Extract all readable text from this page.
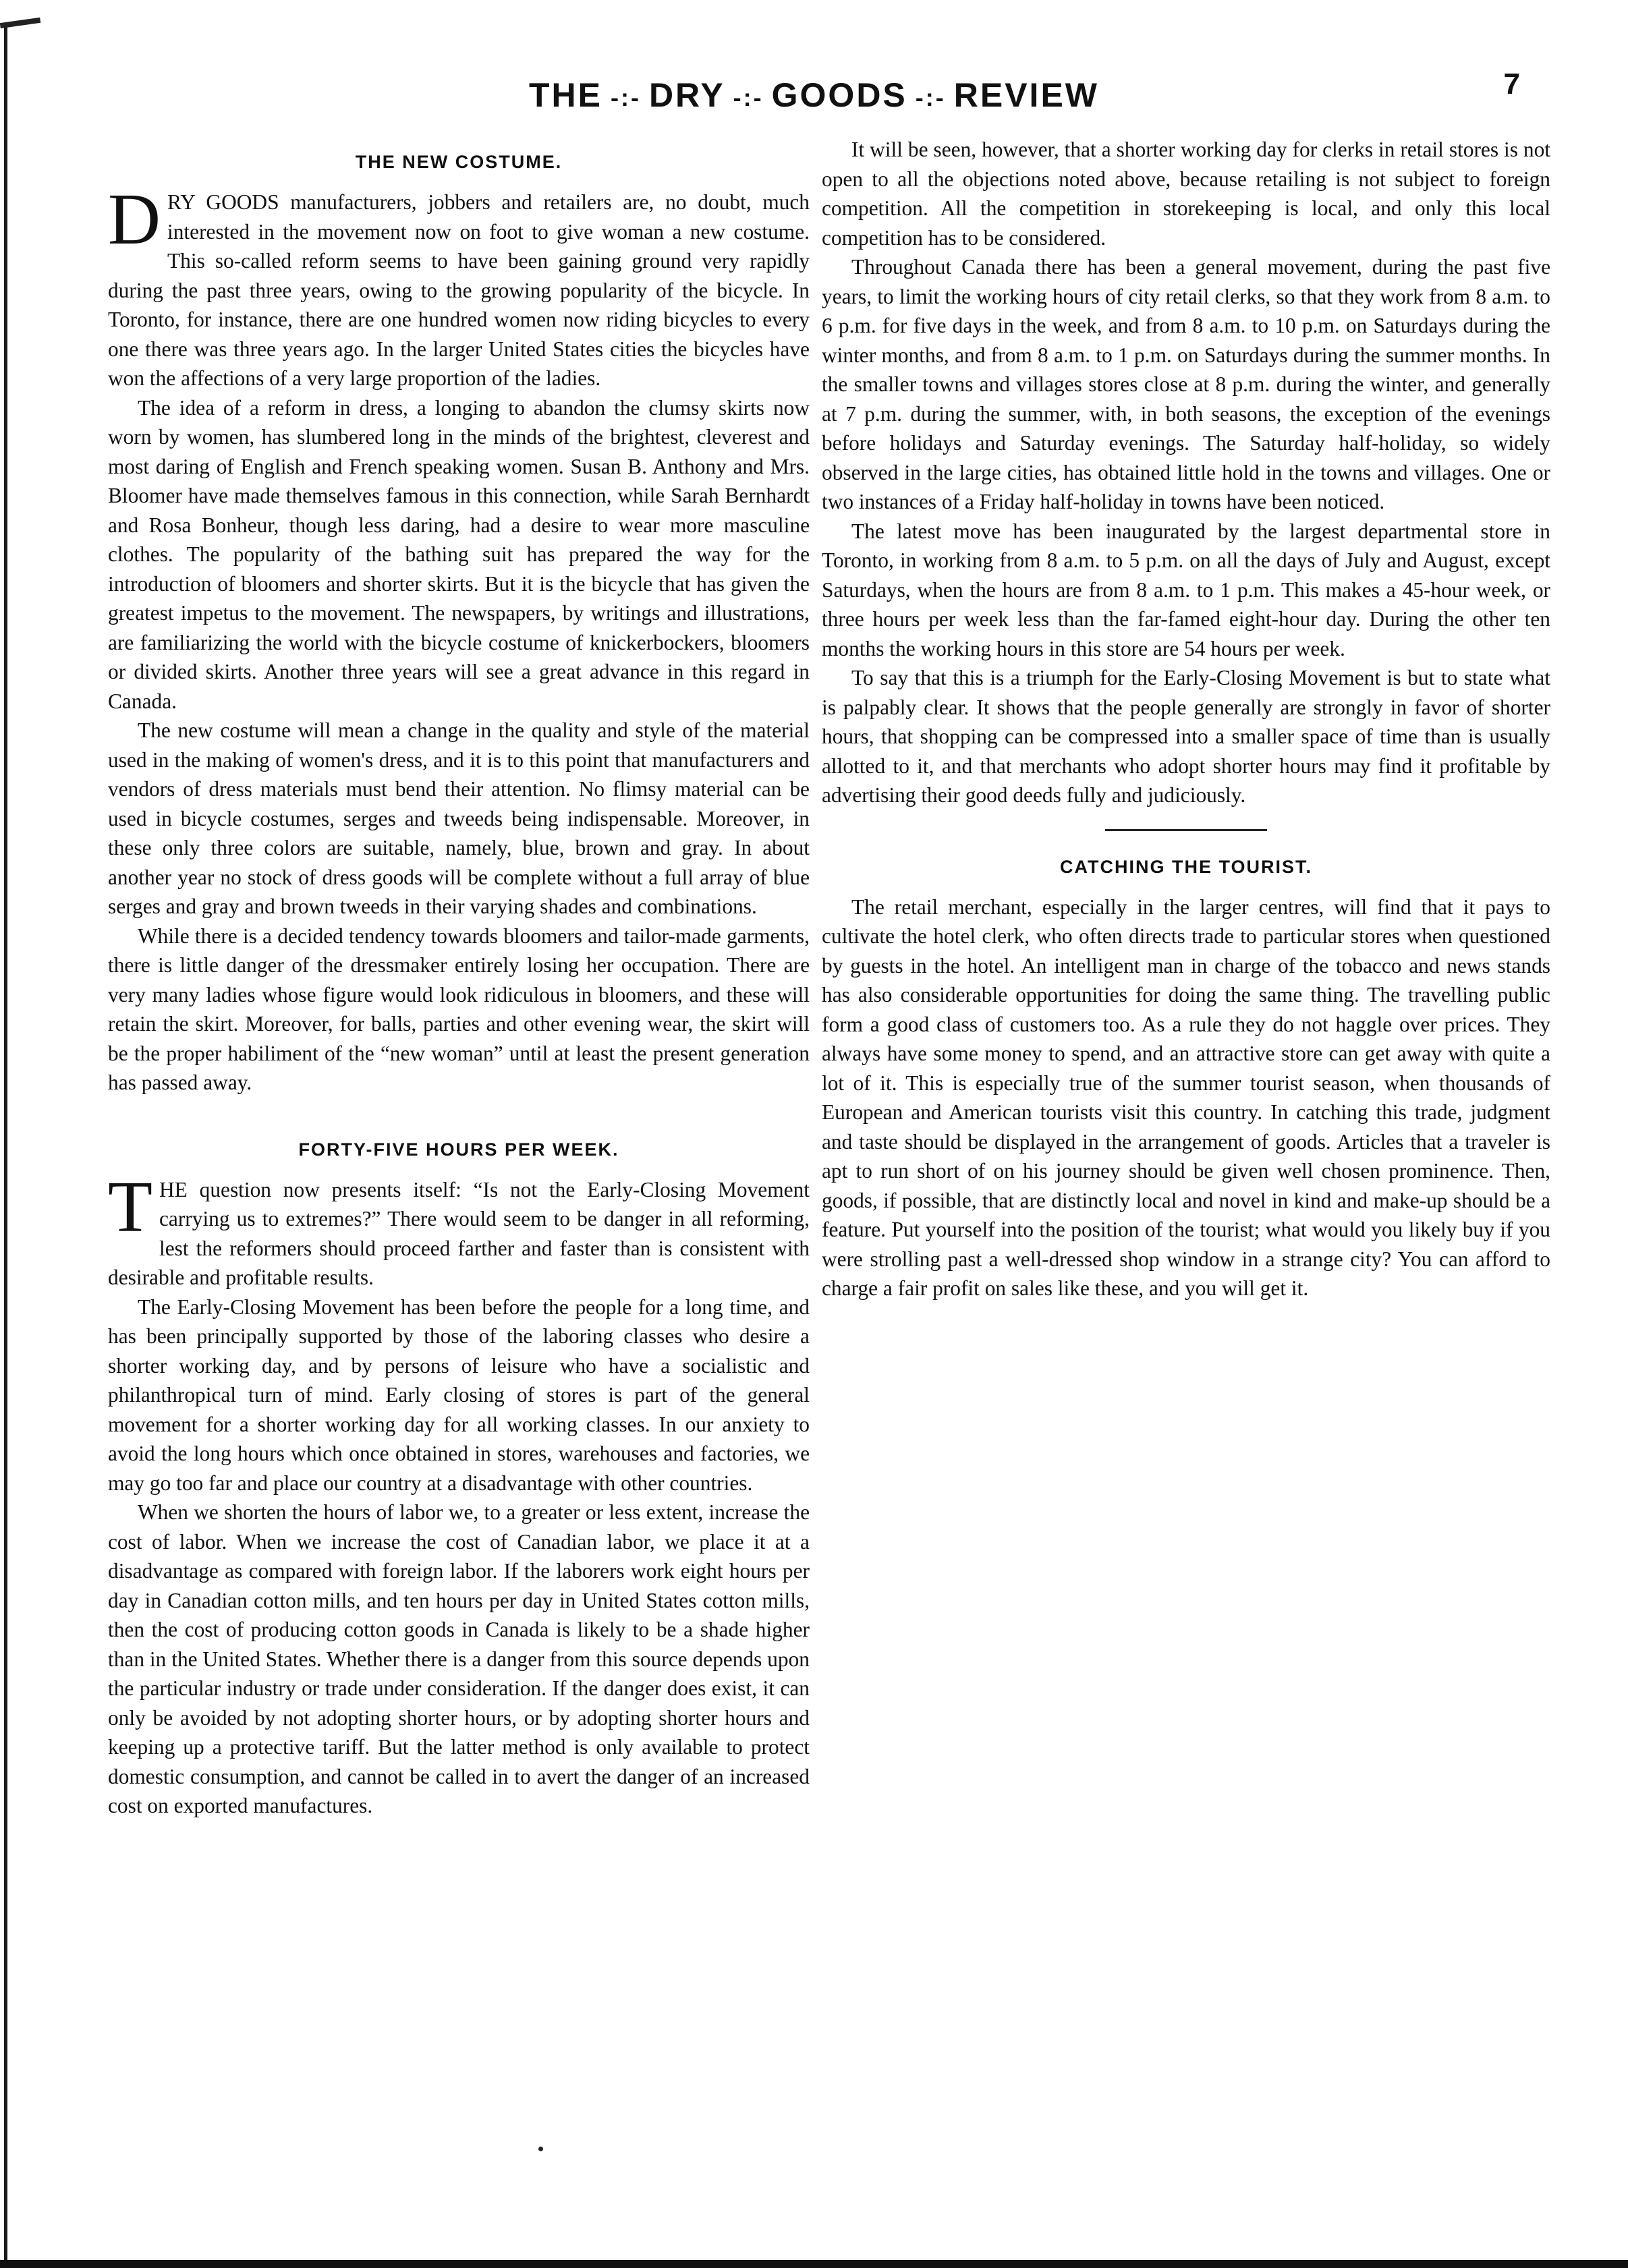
THE -:- DRY -:- GOODS -:- REVIEW	7
THE NEW COSTUME.

DRY GOODS manufacturers, jobbers and retailers are, no doubt, much interested in the movement now on foot to give woman a new costume. This so-called reform seems to have been gaining ground very rapidly during the past three years, owing to the growing popularity of the bicycle. In Toronto, for instance, there are one hundred women now riding bicycles to every one there was three years ago. In the larger United States cities the bicycles have won the affections of a very large proportion of the ladies.

The idea of a reform in dress, a longing to abandon the clumsy skirts now worn by women, has slumbered long in the minds of the brightest, cleverest and most daring of English and French speaking women. Susan B. Anthony and Mrs. Bloomer have made themselves famous in this connection, while Sarah Bernhardt and Rosa Bonheur, though less daring, had a desire to wear more masculine clothes. The popularity of the bathing suit has prepared the way for the introduction of bloomers and shorter skirts. But it is the bicycle that has given the greatest impetus to the movement. The newspapers, by writings and illustrations, are familiarizing the world with the bicycle costume of knickerbockers, bloomers or divided skirts. Another three years will see a great advance in this regard in Canada.

The new costume will mean a change in the quality and style of the material used in the making of women's dress, and it is to this point that manufacturers and vendors of dress materials must bend their attention. No flimsy material can be used in bicycle costumes, serges and tweeds being indispensable. Moreover, in these only three colors are suitable, namely, blue, brown and gray. In about another year no stock of dress goods will be complete without a full array of blue serges and gray and brown tweeds in their varying shades and combinations.

While there is a decided tendency towards bloomers and tailor-made garments, there is little danger of the dressmaker entirely losing her occupation. There are very many ladies whose figure would look ridiculous in bloomers, and these will retain the skirt. Moreover, for balls, parties and other evening wear, the skirt will be the proper habiliment of the “new woman” until at least the present generation has passed away.

FORTY-FIVE HOURS PER WEEK.

THE question now presents itself: “Is not the Early-Closing Movement carrying us to extremes?” There would seem to be danger in all reforming, lest the reformers should proceed farther and faster than is consistent with desirable and profitable results.

The Early-Closing Movement has been before the people for a long time, and has been principally supported by those of the laboring classes who desire a shorter working day, and by persons of leisure who have a socialistic and philanthropical turn of mind. Early closing of stores is part of the general movement for a shorter working day for all working classes. In our anxiety to avoid the long hours which once obtained in stores, warehouses and factories, we may go too far and place our country at a disadvantage with other countries.

When we shorten the hours of labor we, to a greater or less extent, increase the cost of labor. When we increase the cost of Canadian labor, we place it at a disadvantage as compared with foreign labor. If the laborers work eight hours per day in Canadian cotton mills, and ten hours per day in United States cotton mills, then the cost of producing cotton goods in Canada is likely to be a shade higher than in the United States. Whether there is a danger from this source depends upon the particular industry or trade under consideration. If the danger does exist, it can only be avoided by not adopting shorter hours, or by adopting shorter hours and keeping up a protective tariff. But the latter method is only available to protect domestic consumption, and cannot be called in to avert the danger of an increased cost on exported manufactures.

It will be seen, however, that a shorter working day for clerks in retail stores is not open to all the objections noted above, because retailing is not subject to foreign competition. All the competition in storekeeping is local, and only this local competition has to be considered.

Throughout Canada there has been a general movement, during the past five years, to limit the working hours of city retail clerks, so that they work from 8 a.m. to 6 p.m. for five days in the week, and from 8 a.m. to 10 p.m. on Saturdays during the winter months, and from 8 a.m. to 1 p.m. on Saturdays during the summer months. In the smaller towns and villages stores close at 8 p.m. during the winter, and generally at 7 p.m. during the summer, with, in both seasons, the exception of the evenings before holidays and Saturday evenings. The Saturday half-holiday, so widely observed in the large cities, has obtained little hold in the towns and villages. One or two instances of a Friday half-holiday in towns have been noticed.

The latest move has been inaugurated by the largest departmental store in Toronto, in working from 8 a.m. to 5 p.m. on all the days of July and August, except Saturdays, when the hours are from 8 a.m. to 1 p.m. This makes a 45-hour week, or three hours per week less than the far-famed eight-hour day. During the other ten months the working hours in this store are 54 hours per week.

To say that this is a triumph for the Early-Closing Movement is but to state what is palpably clear. It shows that the people generally are strongly in favor of shorter hours, that shopping can be compressed into a smaller space of time than is usually allotted to it, and that merchants who adopt shorter hours may find it profitable by advertising their good deeds fully and judiciously.

CATCHING THE TOURIST.

The retail merchant, especially in the larger centres, will find that it pays to cultivate the hotel clerk, who often directs trade to particular stores when questioned by guests in the hotel. An intelligent man in charge of the tobacco and news stands has also considerable opportunities for doing the same thing. The travelling public form a good class of customers too. As a rule they do not haggle over prices. They always have some money to spend, and an attractive store can get away with quite a lot of it. This is especially true of the summer tourist season, when thousands of European and American tourists visit this country. In catching this trade, judgment and taste should be displayed in the arrangement of goods. Articles that a traveler is apt to run short of on his journey should be given well chosen prominence. Then, goods, if possible, that are distinctly local and novel in kind and make-up should be a feature. Put yourself into the position of the tourist; what would you likely buy if you were strolling past a well-dressed shop window in a strange city? You can afford to charge a fair profit on sales like these, and you will get it.
